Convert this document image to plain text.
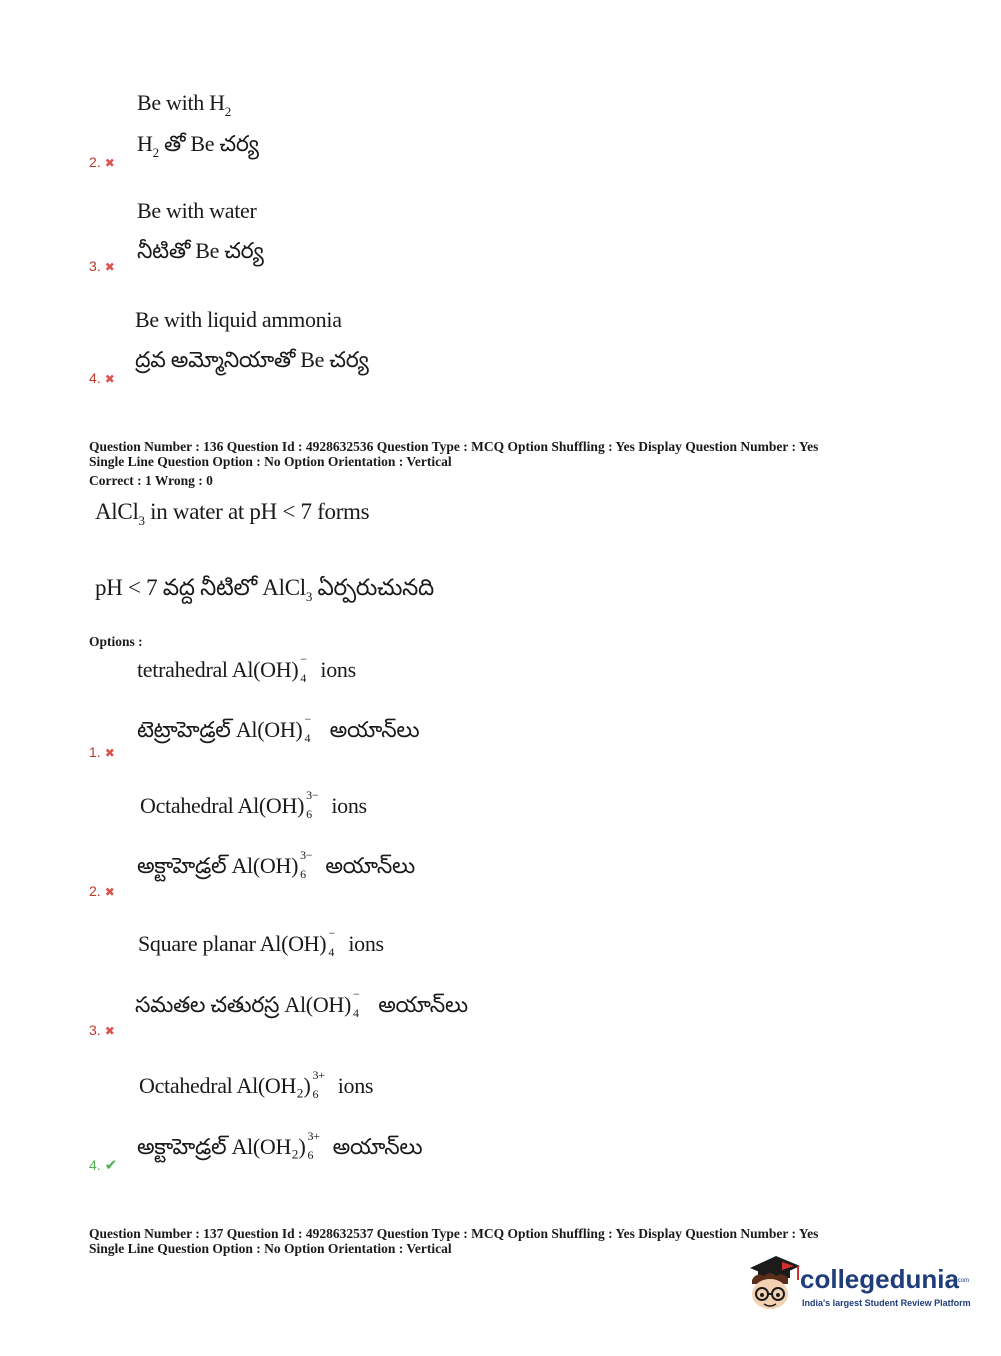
Be with $H_2$
$H_2$ తో Be చర్య
2. ✖
Be with water
నీటితో Be చర్య
3. ✖
Be with liquid ammonia
ద్రవ అమ్మోనియాతో Be చర్య
4. ✖
Question Number : 136 Question Id : 4928632536 Question Type : MCQ Option Shuffling : Yes Display Question Number : Yes
Single Line Question Option : No Option Orientation : Vertical
Correct : 1 Wrong : 0
AlCl$_3$ in water at pH < 7 forms
pH < 7 వద్ద నీటిలో AlCl$_3$ ఏర్పరుచునది
Options :
tetrahedral Al(OH) −
4 ions
టెట్రాహెడ్రల్ Al(OH) −
4 అయాన్‌లు
1. ✖
Octahedral Al(OH) 3−
6 ions
అక్టాహెడ్రల్ Al(OH) 3−
6 అయాన్‌లు
2. ✖
Square planar Al(OH) −
4 ions
సమతల చతురస్ర Al(OH) −
4 అయాన్‌లు
3. ✖
Octahedral Al(OH₂) 3+
6 ions
అక్టాహెడ్రల్ Al(OH₂) 3+
6 అయాన్‌లు
4. ✔
Question Number : 137 Question Id : 4928632537 Question Type : MCQ Option Shuffling : Yes Display Question Number : Yes
Single Line Question Option : No Option Orientation : Vertical
collegedunia
.com
India's largest Student Review Platform
